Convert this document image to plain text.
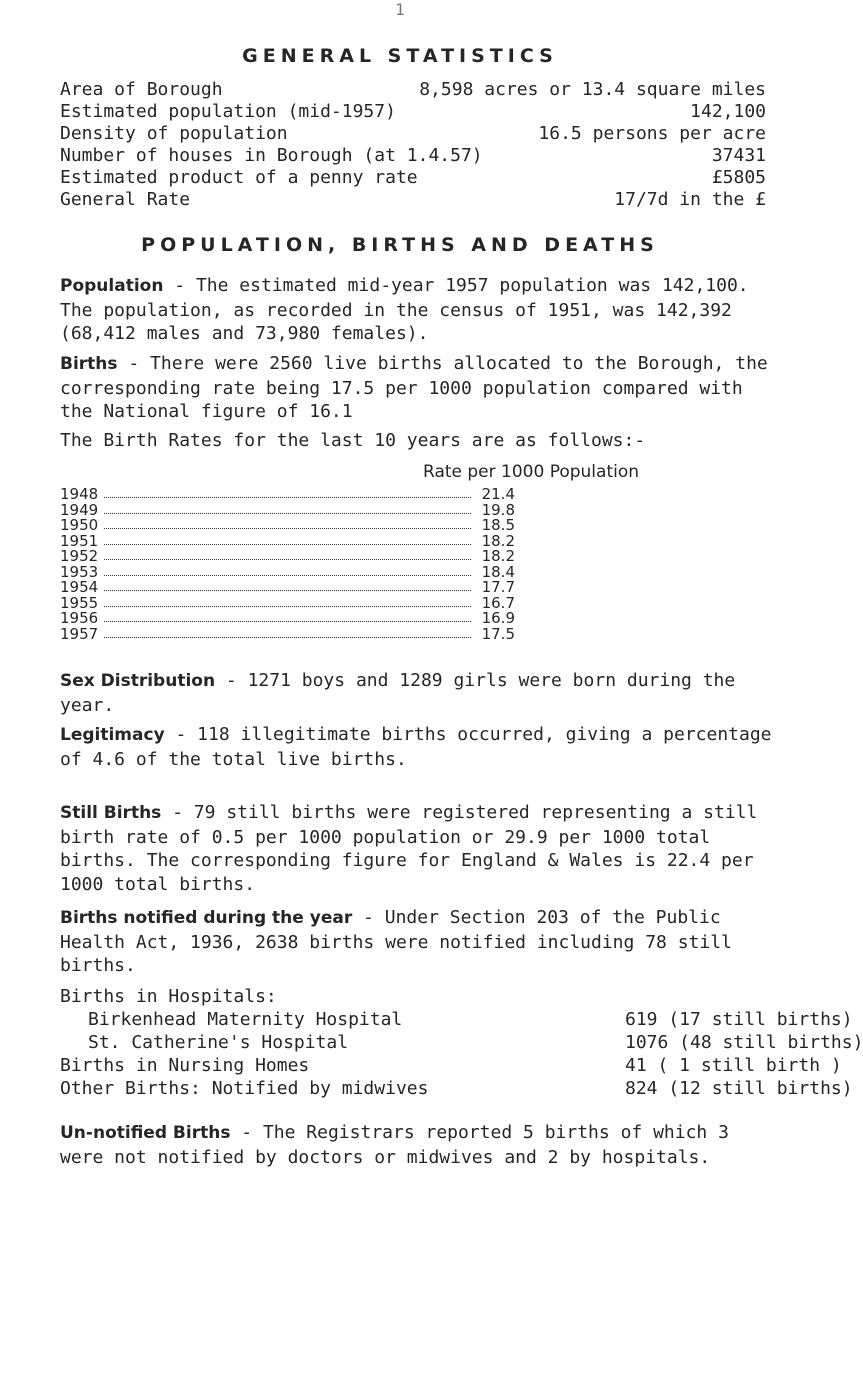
1
GENERAL STATISTICS
Area of Borough	8,598 acres or 13.4 square miles
Estimated population (mid-1957)	142,100
Density of population	16.5 persons per acre
Number of houses in Borough (at 1.4.57)	37431
Estimated product of a penny rate	£5805
General Rate	17/7d in the £
POPULATION, BIRTHS AND DEATHS
Population - The estimated mid-year 1957 population was 142,100. The population, as recorded in the census of 1951, was 142,392 (68,412 males and 73,980 females).
Births - There were 2560 live births allocated to the Borough, the corresponding rate being 17.5 per 1000 population compared with the National figure of 16.1
The Birth Rates for the last 10 years are as follows:-
Rate per 1000 Population
1948	21.4
1949	19.8
1950	18.5
1951	18.2
1952	18.2
1953	18.4
1954	17.7
1955	16.7
1956	16.9
1957	17.5
Sex Distribution - 1271 boys and 1289 girls were born during the year.
Legitimacy - 118 illegitimate births occurred, giving a percentage of 4.6 of the total live births.
Still Births - 79 still births were registered representing a still birth rate of 0.5 per 1000 population or 29.9 per 1000 total births. The corresponding figure for England & Wales is 22.4 per 1000 total births.
Births notified during the year - Under Section 203 of the Public Health Act, 1936, 2638 births were notified including 78 still births.
Births in Hospitals:
Birkenhead Maternity Hospital	619 (17 still births)
St. Catherine's Hospital	1076 (48 still births)
Births in Nursing Homes	41 ( 1 still birth )
Other Births: Notified by midwives	824 (12 still births)
Un-notified Births - The Registrars reported 5 births of which 3 were not notified by doctors or midwives and 2 by hospitals.
